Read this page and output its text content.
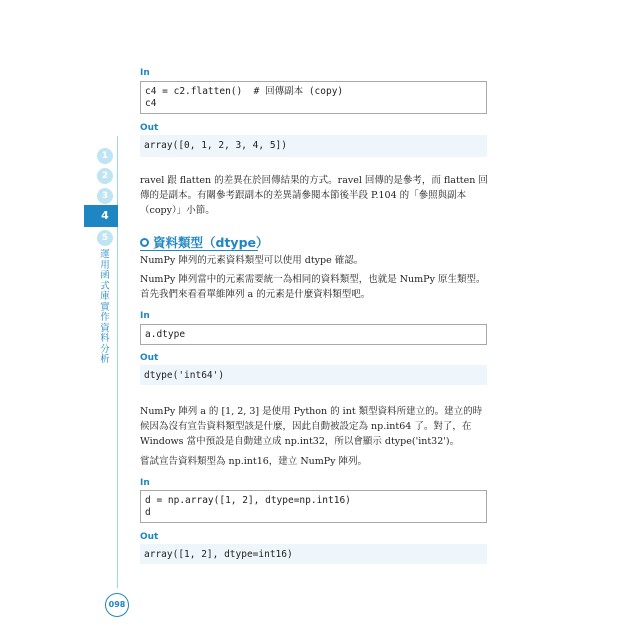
1
2
3
4
5
運用函式庫實作資料分析
098
In
c4 = c2.flatten()  # 回傳副本 (copy)
c4
Out
array([0, 1, 2, 3, 4, 5])
ravel 跟 flatten 的差異在於回傳結果的方式。ravel 回傳的是參考，而 flatten 回傳的是副本。有關參考跟副本的差異請參閱本節後半段 P.104 的「參照與副本（copy）」小節。
資料類型（dtype）
NumPy 陣列的元素資料類型可以使用 dtype 確認。
NumPy 陣列當中的元素需要統一為相同的資料類型，也就是 NumPy 原生類型。首先我們來看看單維陣列 a 的元素是什麼資料類型吧。
In
a.dtype
Out
dtype('int64')
NumPy 陣列 a 的 [1, 2, 3] 是使用 Python 的 int 類型資料所建立的。建立的時候因為沒有宣告資料類型該是什麼，因此自動被設定為 np.int64 了。對了，在 Windows 當中預設是自動建立成 np.int32，所以會顯示 dtype('int32')。
嘗試宣告資料類型為 np.int16，建立 NumPy 陣列。
In
d = np.array([1, 2], dtype=np.int16)
d
Out
array([1, 2], dtype=int16)
